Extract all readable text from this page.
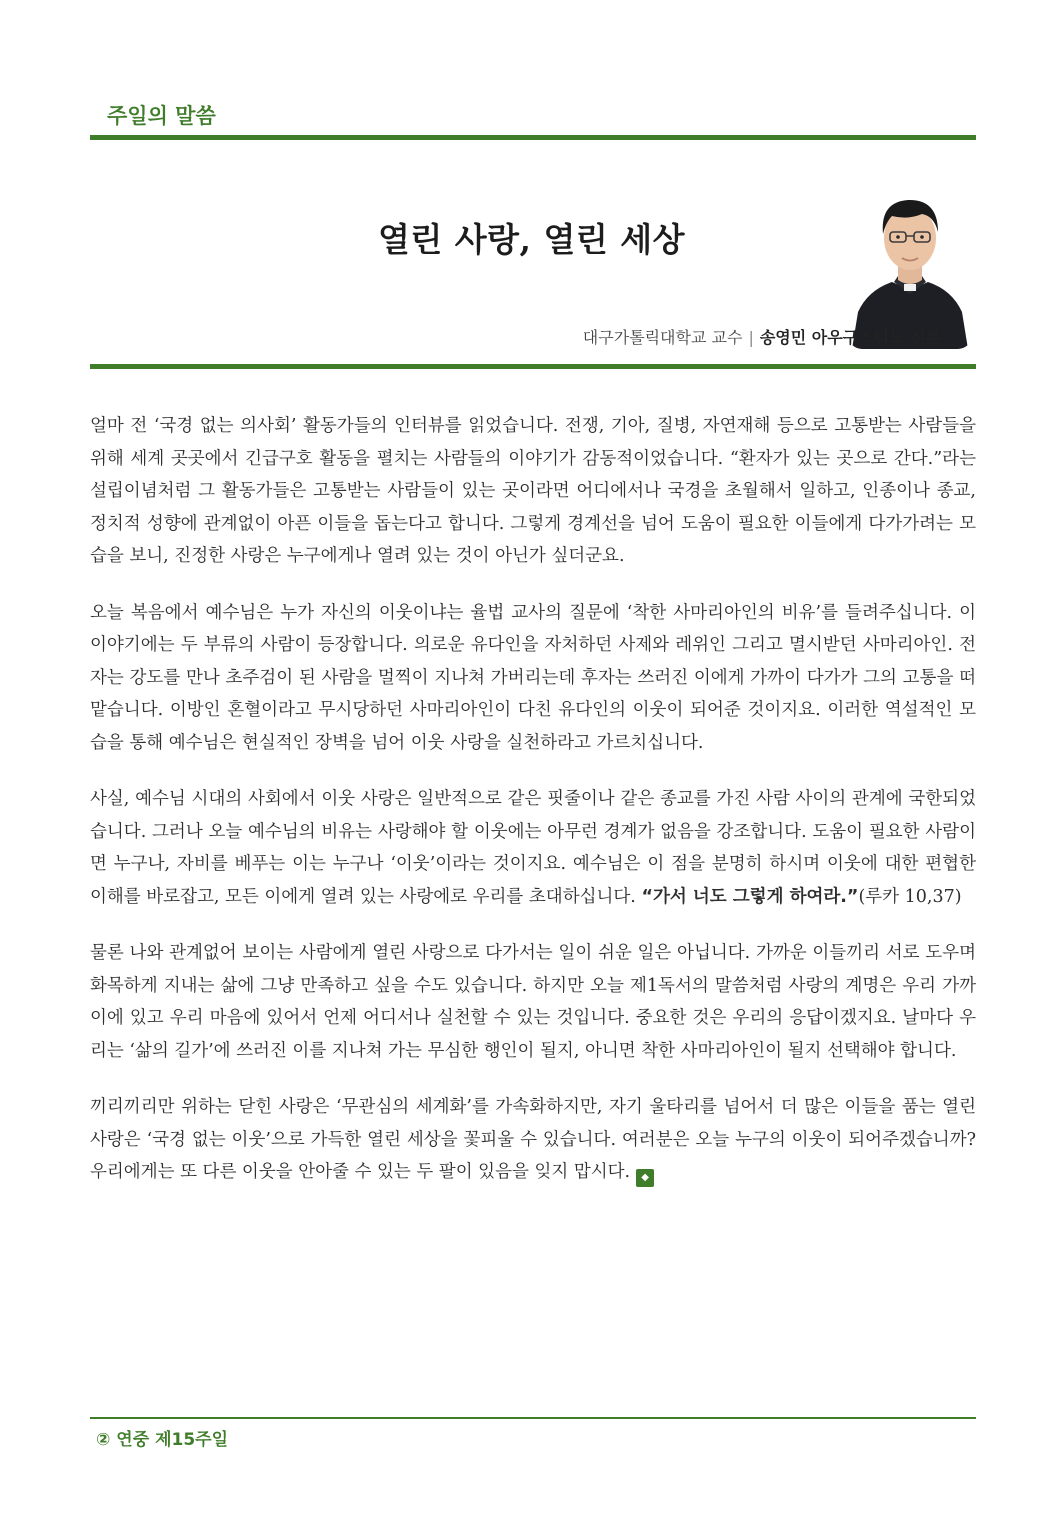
주일의 말씀
열린 사랑, 열린 세상
대구가톨릭대학교 교수 | 송영민 아우구스티노 신부

얼마 전 ‘국경 없는 의사회’ 활동가들의 인터뷰를 읽었습니다. 전쟁, 기아, 질병, 자연재해 등으로 고통받는 사람들을 위해 세계 곳곳에서 긴급구호 활동을 펼치는 사람들의 이야기가 감동적이었습니다. “환자가 있는 곳으로 간다.”라는 설립이념처럼 그 활동가들은 고통받는 사람들이 있는 곳이라면 어디에서나 국경을 초월해서 일하고, 인종이나 종교, 정치적 성향에 관계없이 아픈 이들을 돕는다고 합니다. 그렇게 경계선을 넘어 도움이 필요한 이들에게 다가가려는 모습을 보니, 진정한 사랑은 누구에게나 열려 있는 것이 아닌가 싶더군요.

오늘 복음에서 예수님은 누가 자신의 이웃이냐는 율법 교사의 질문에 ‘착한 사마리아인의 비유’를 들려주십니다. 이 이야기에는 두 부류의 사람이 등장합니다. 의로운 유다인을 자처하던 사제와 레위인 그리고 멸시받던 사마리아인. 전자는 강도를 만나 초주검이 된 사람을 멀찍이 지나쳐 가버리는데 후자는 쓰러진 이에게 가까이 다가가 그의 고통을 떠맡습니다. 이방인 혼혈이라고 무시당하던 사마리아인이 다친 유다인의 이웃이 되어준 것이지요. 이러한 역설적인 모습을 통해 예수님은 현실적인 장벽을 넘어 이웃 사랑을 실천하라고 가르치십니다.

사실, 예수님 시대의 사회에서 이웃 사랑은 일반적으로 같은 핏줄이나 같은 종교를 가진 사람 사이의 관계에 국한되었습니다. 그러나 오늘 예수님의 비유는 사랑해야 할 이웃에는 아무런 경계가 없음을 강조합니다. 도움이 필요한 사람이면 누구나, 자비를 베푸는 이는 누구나 ‘이웃’이라는 것이지요. 예수님은 이 점을 분명히 하시며 이웃에 대한 편협한 이해를 바로잡고, 모든 이에게 열려 있는 사랑에로 우리를 초대하십니다. “가서 너도 그렇게 하여라.”(루카 10,37)

물론 나와 관계없어 보이는 사람에게 열린 사랑으로 다가서는 일이 쉬운 일은 아닙니다. 가까운 이들끼리 서로 도우며 화목하게 지내는 삶에 그냥 만족하고 싶을 수도 있습니다. 하지만 오늘 제1독서의 말씀처럼 사랑의 계명은 우리 가까이에 있고 우리 마음에 있어서 언제 어디서나 실천할 수 있는 것입니다. 중요한 것은 우리의 응답이겠지요. 날마다 우리는 ‘삶의 길가’에 쓰러진 이를 지나쳐 가는 무심한 행인이 될지, 아니면 착한 사마리아인이 될지 선택해야 합니다.

끼리끼리만 위하는 닫힌 사랑은 ‘무관심의 세계화’를 가속화하지만, 자기 울타리를 넘어서 더 많은 이들을 품는 열린 사랑은 ‘국경 없는 이웃’으로 가득한 열린 세상을 꽃피울 수 있습니다. 여러분은 오늘 누구의 이웃이 되어주겠습니까? 우리에게는 또 다른 이웃을 안아줄 수 있는 두 팔이 있음을 잊지 맙시다. ◆

② 연중 제15주일
